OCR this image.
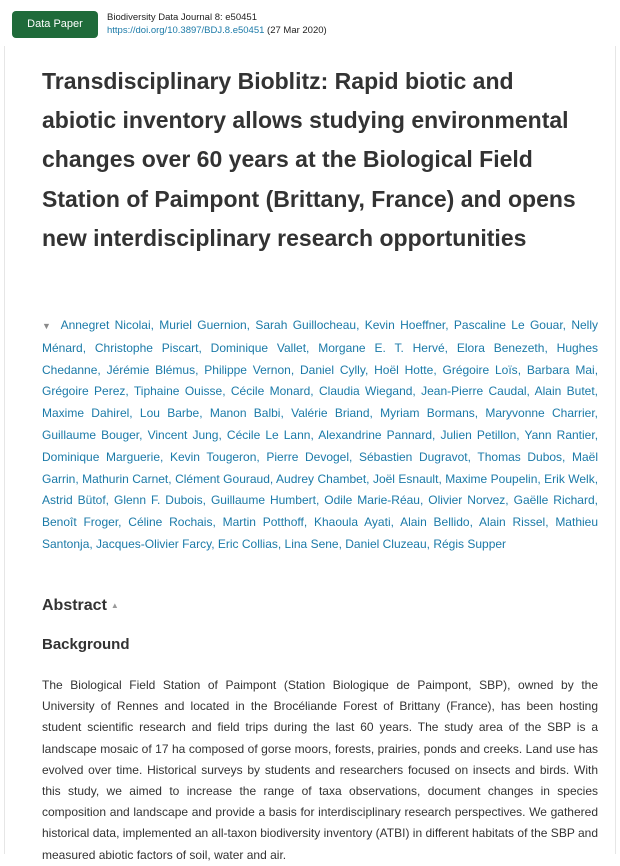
Data Paper
Biodiversity Data Journal 8: e50451
https://doi.org/10.3897/BDJ.8.e50451 (27 Mar 2020)
Transdisciplinary Bioblitz: Rapid biotic and abiotic inventory allows studying environmental changes over 60 years at the Biological Field Station of Paimpont (Brittany, France) and opens new interdisciplinary research opportunities
▼ Annegret Nicolai, Muriel Guernion, Sarah Guillocheau, Kevin Hoeffner, Pascaline Le Gouar, Nelly Ménard, Christophe Piscart, Dominique Vallet, Morgane E. T. Hervé, Elora Benezeth, Hughes Chedanne, Jérémie Blémus, Philippe Vernon, Daniel Cylly, Hoël Hotte, Grégoire Loïs, Barbara Mai, Grégoire Perez, Tiphaine Ouisse, Cécile Monard, Claudia Wiegand, Jean-Pierre Caudal, Alain Butet, Maxime Dahirel, Lou Barbe, Manon Balbi, Valérie Briand, Myriam Bormans, Maryvonne Charrier, Guillaume Bouger, Vincent Jung, Cécile Le Lann, Alexandrine Pannard, Julien Petillon, Yann Rantier, Dominique Marguerie, Kevin Tougeron, Pierre Devogel, Sébastien Dugravot, Thomas Dubos, Maël Garrin, Mathurin Carnet, Clément Gouraud, Audrey Chambet, Joël Esnault, Maxime Poupelin, Erik Welk, Astrid Bütof, Glenn F. Dubois, Guillaume Humbert, Odile Marie-Réau, Olivier Norvez, Gaëlle Richard, Benoît Froger, Céline Rochais, Martin Potthoff, Khaoula Ayati, Alain Bellido, Alain Rissel, Mathieu Santonja, Jacques-Olivier Farcy, Eric Collias, Lina Sene, Daniel Cluzeau, Régis Supper
Abstract ▲
Background

The Biological Field Station of Paimpont (Station Biologique de Paimpont, SBP), owned by the University of Rennes and located in the Brocéliande Forest of Brittany (France), has been hosting student scientific research and field trips during the last 60 years. The study area of the SBP is a landscape mosaic of 17 ha composed of gorse moors, forests, prairies, ponds and creeks. Land use has evolved over time. Historical surveys by students and researchers focused on insects and birds. With this study, we aimed to increase the range of taxa observations, document changes in species composition and landscape and provide a basis for interdisciplinary research perspectives. We gathered historical data, implemented an all-taxon biodiversity inventory (ATBI) in different habitats of the SBP and measured abiotic factors of soil, water and air.
